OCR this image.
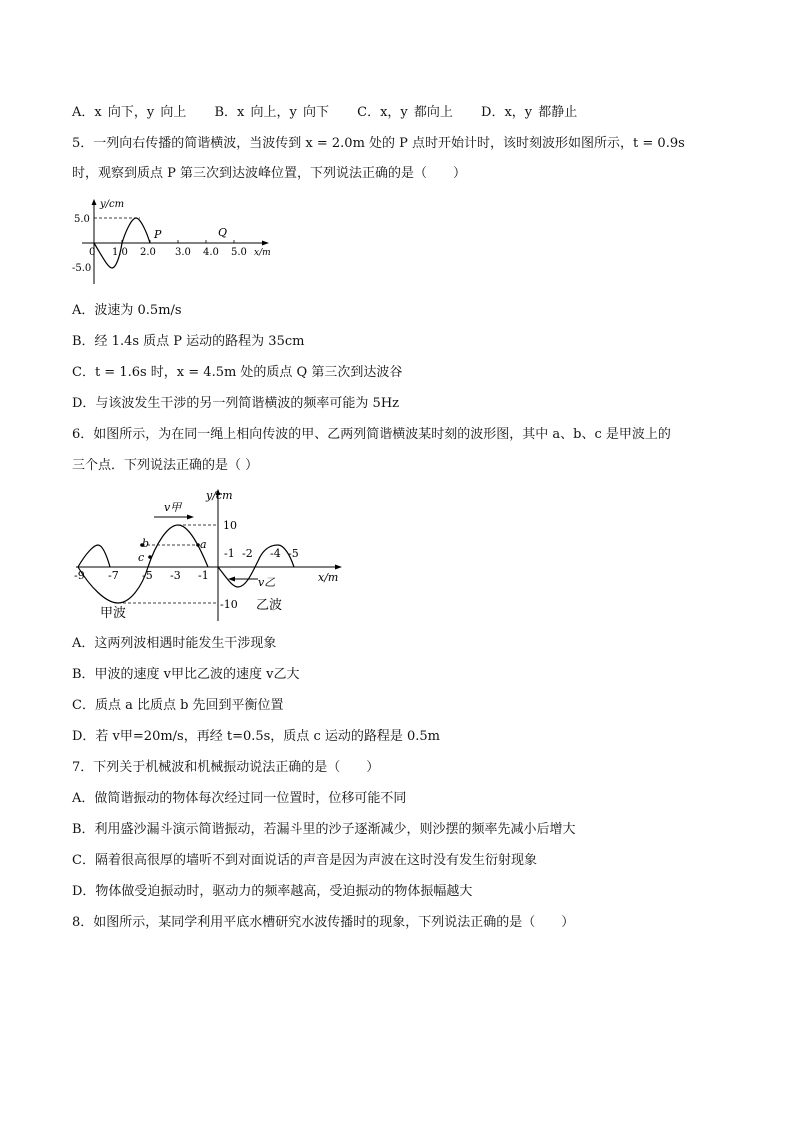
A．x 向下，y 向上 B．x 向上，y 向下 C．x，y 都向上 D．x，y 都静止
5．一列向右传播的简谐横波，当波传到 x = 2.0m 处的 P 点时开始计时，该时刻波形如图所示，t = 0.9s
时，观察到质点 P 第三次到达波峰位置，下列说法正确的是（　　）
y/cm
x/m
5.0
-5.0
0 1.0 2.0 3.0 4.0 5.0
P	Q
A．波速为 0.5m/s
B．经 1.4s 质点 P 运动的路程为 35cm
C．t = 1.6s 时，x = 4.5m 处的质点 Q 第三次到达波谷
D．与该波发生干涉的另一列简谐横波的频率可能为 5Hz
6．如图所示，为在同一绳上相向传波的甲、乙两列简谐横波某时刻的波形图，其中 a、b、c 是甲波上的
三个点．下列说法正确的是（ ）
y/cm
x/m
10
-10
v甲
v乙
a
b
c
-9 -7 -5 -3 -1
-1 -2 -4 -5
甲波
乙波
A．这两列波相遇时能发生干涉现象
B．甲波的速度 v甲比乙波的速度 v乙大
C．质点 a 比质点 b 先回到平衡位置
D．若 v甲=20m/s，再经 t=0.5s，质点 c 运动的路程是 0.5m
7．下列关于机械波和机械振动说法正确的是（　　）
A．做简谐振动的物体每次经过同一位置时，位移可能不同
B．利用盛沙漏斗演示简谐振动，若漏斗里的沙子逐渐减少，则沙摆的频率先减小后增大
C．隔着很高很厚的墙听不到对面说话的声音是因为声波在这时没有发生衍射现象
D．物体做受迫振动时，驱动力的频率越高，受迫振动的物体振幅越大
8．如图所示，某同学利用平底水槽研究水波传播时的现象，下列说法正确的是（　　）
